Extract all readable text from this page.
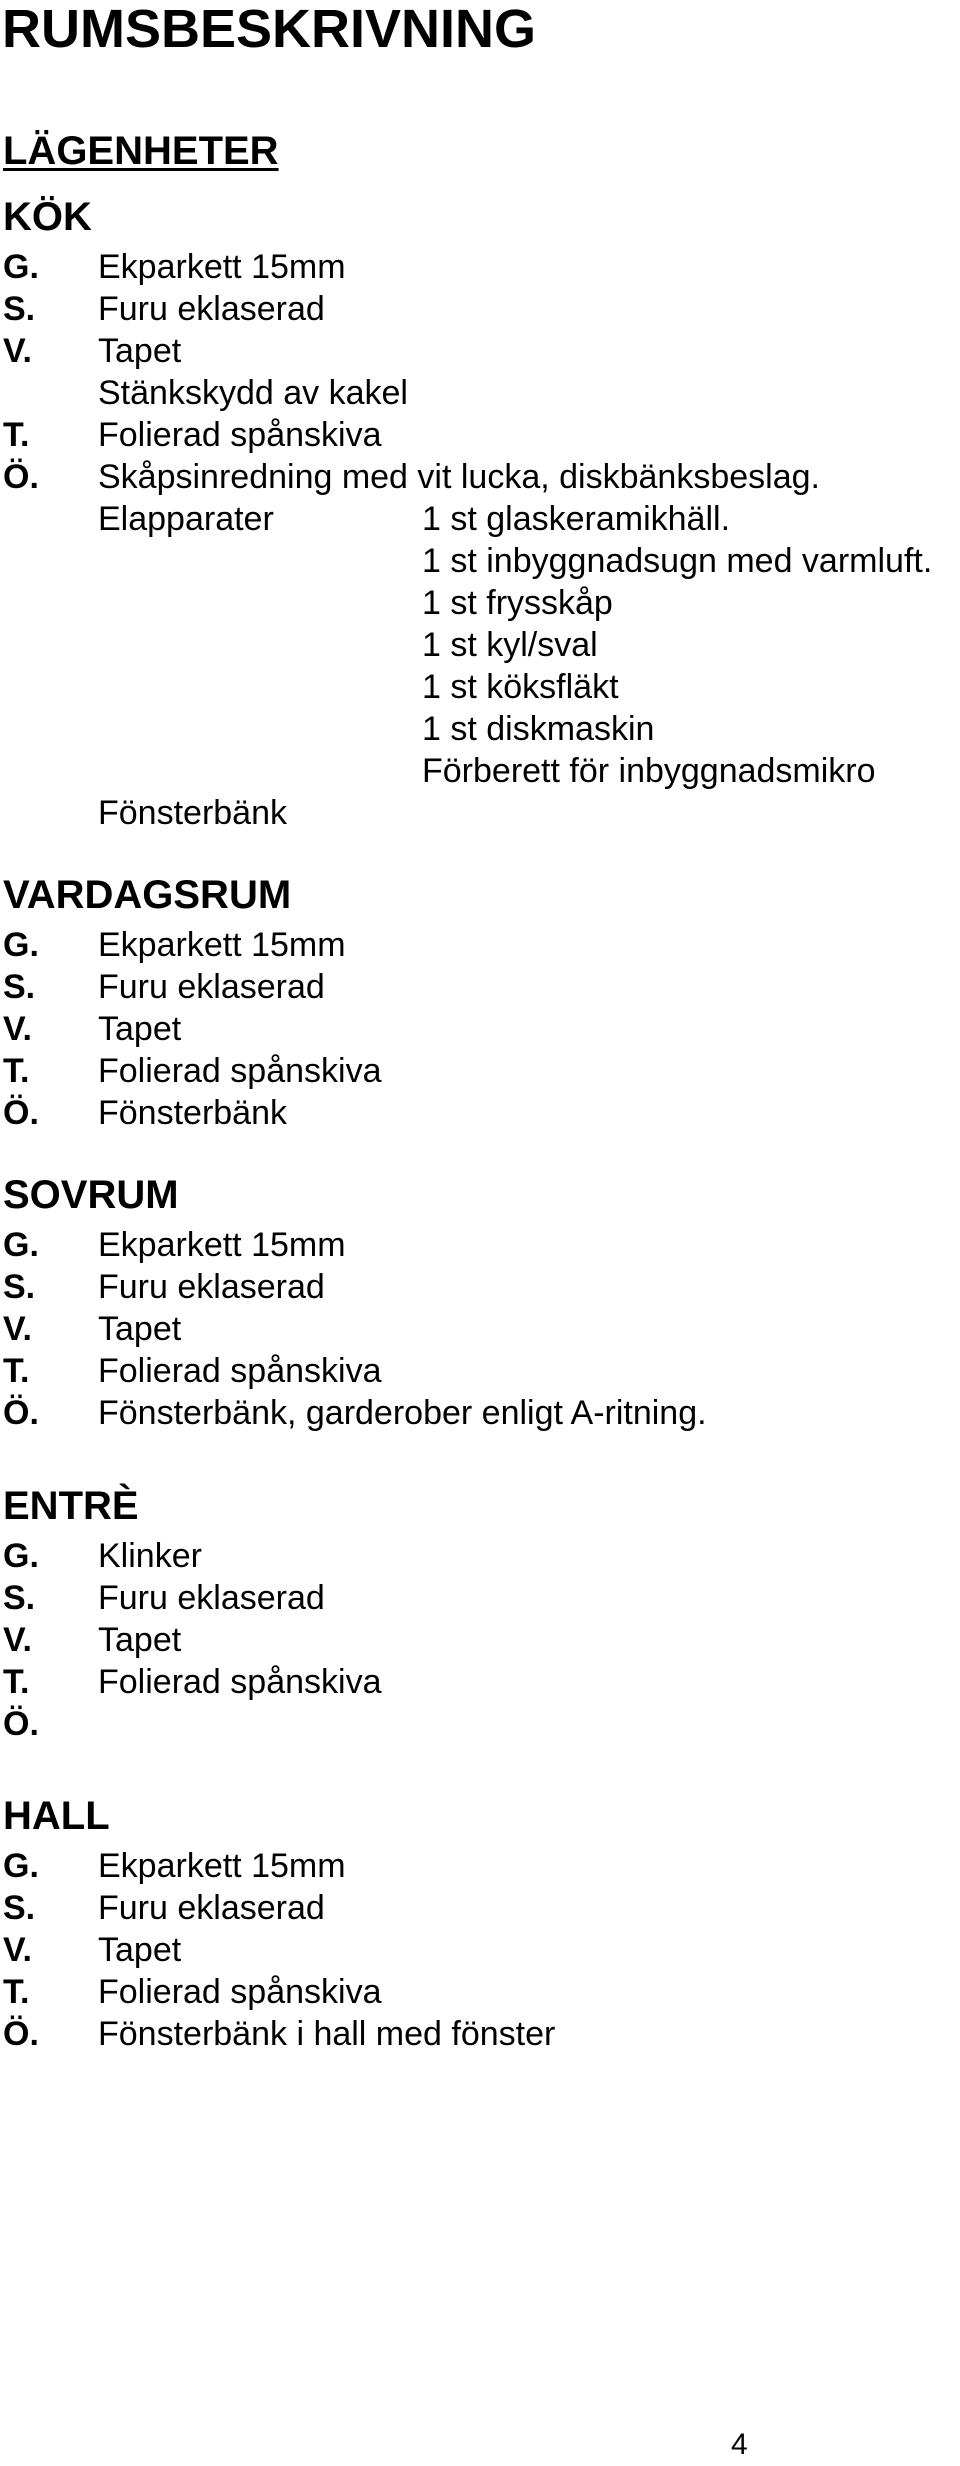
RUMSBESKRIVNING
LÄGENHETER
KÖK
G. Ekparkett 15mm
S. Furu eklaserad
V. Tapet
Stänkskydd av kakel
T. Folierad spånskiva
Ö. Skåpsinredning med vit lucka, diskbänksbeslag.
Elapparater	1 st glaskeramikhäll.
1 st inbyggnadsugn med varmluft.
1 st frysskåp
1 st kyl/sval
1 st köksfläkt
1 st diskmaskin
Förberett för inbyggnadsmikro
Fönsterbänk
VARDAGSRUM
G. Ekparkett 15mm
S. Furu eklaserad
V. Tapet
T. Folierad spånskiva
Ö. Fönsterbänk
SOVRUM
G. Ekparkett 15mm
S. Furu eklaserad
V. Tapet
T. Folierad spånskiva
Ö. Fönsterbänk, garderober enligt A-ritning.
ENTRÈ
G. Klinker
S. Furu eklaserad
V. Tapet
T. Folierad spånskiva
Ö.
HALL
G. Ekparkett 15mm
S. Furu eklaserad
V. Tapet
T. Folierad spånskiva
Ö. Fönsterbänk i hall med fönster
4
